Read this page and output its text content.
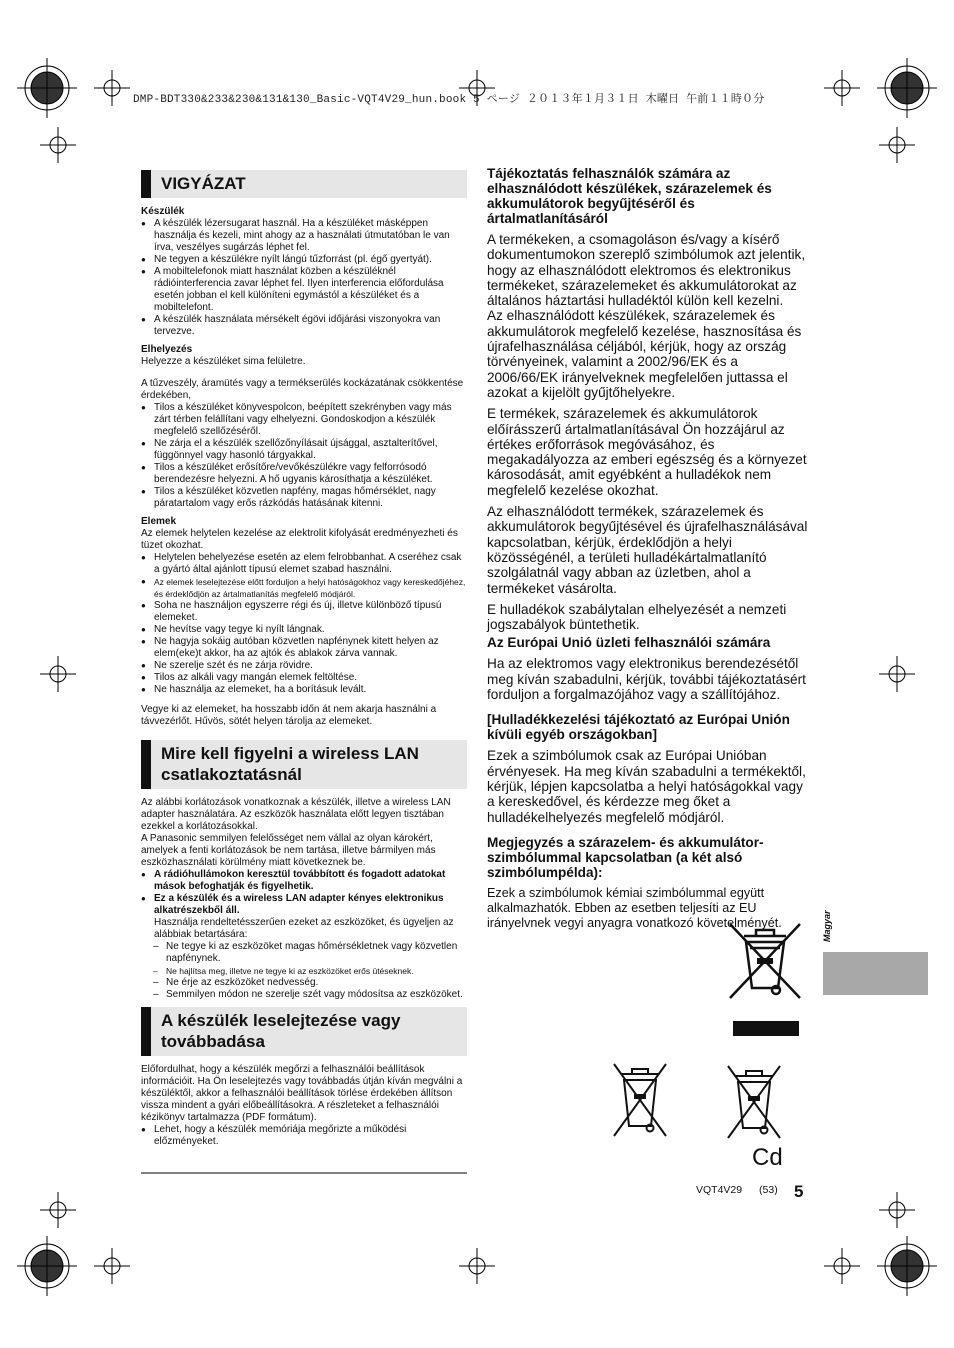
DMP-BDT330&233&230&131&130_Basic-VQT4V29_hun.book 5 ページ ２０１３年１月３１日 木曜日 午前１１時０分
VIGYÁZAT
Készülék
● A készülék lézersugarat használ. Ha a készüléket másképpen használja és kezeli, mint ahogy az a használati útmutatóban le van írva, veszélyes sugárzás léphet fel.
● Ne tegyen a készülékre nyílt lángú tűzforrást (pl. égő gyertyát).
● A mobiltelefonok miatt használat közben a készüléknél rádióinterferencia zavar léphet fel. Ilyen interferencia előfordulása esetén jobban el kell különíteni egymástól a készüléket és a mobiltelefont.
● A készülék használata mérsékelt égövi időjárási viszonyokra van tervezve.
Elhelyezés

Helyezze a készüléket sima felületre.

A tűzveszély, áramütés vagy a termékserülés kockázatának csökkentése érdekében,

● Tilos a készüléket könyvespolcon, beépített szekrényben vagy más zárt térben felállítani vagy elhelyezni. Gondoskodjon a készülék megfelelő szellőzéséről.
● Ne zárja el a készülék szellőzőnyílásait újsággal, asztalterítővel, függönnyel vagy hasonló tárgyakkal.
● Tilos a készüléket erősítőre/vevőkészülékre vagy felforrósodó berendezésre helyezni. A hő ugyanis károsíthatja a készüléket.
● Tilos a készüléket közvetlen napfény, magas hőmérséklet, nagy páratartalom vagy erős rázkódás hatásának kitenni.
Elemek

Az elemek helytelen kezelése az elektrolit kifolyását eredményezheti és tüzet okozhat.

● Helytelen behelyezése esetén az elem felrobbanhat. A cseréhez csak a gyártó által ajánlott típusú elemet szabad használni.
● Az elemek leselejtezése előtt forduljon a helyi hatóságokhoz vagy kereskedőjéhez, és érdeklődjön az ártalmatlanítás megfelelő módjáról.
● Soha ne használjon egyszerre régi és új, illetve különböző típusú elemeket.
● Ne hevítse vagy tegye ki nyílt lángnak.
● Ne hagyja sokáig autóban közvetlen napfénynek kitett helyen az elem(eke)t akkor, ha az ajtók és ablakok zárva vannak.
● Ne szerelje szét és ne zárja rövidre.
● Tilos az alkáli vagy mangán elemek feltöltése.
● Ne használja az elemeket, ha a borításuk levált.

Vegye ki az elemeket, ha hosszabb időn át nem akarja használni a távvezérlőt. Hűvös, sötét helyen tárolja az elemeket.

Mire kell figyelni a wireless LAN csatlakoztatásnál

Az alábbi korlátozások vonatkoznak a készülék, illetve a wireless LAN adapter használatára. Az eszközök használata előtt legyen tisztában ezekkel a korlátozásokkal.

A Panasonic semmilyen felelősséget nem vállal az olyan károkért, amelyek a fenti korlátozások be nem tartása, illetve bármilyen más eszközhasználati körülmény miatt következnek be.

● A rádióhullámokon keresztül továbbított és fogadott adatokat mások befoghatják és figyelhetik.
● Ez a készülék és a wireless LAN adapter kényes elektronikus alkatrészekből áll.

Használja rendeltetésszerűen ezeket az eszközöket, és ügyeljen az alábbiak betartására:

– Ne tegye ki az eszközöket magas hőmérsékletnek vagy közvetlen napfénynek.
– Ne hajlítsa meg, illetve ne tegye ki az eszközöket erős ütéseknek.
– Ne érje az eszközöket nedvesség.
– Semmilyen módon ne szerelje szét vagy módosítsa az eszközöket.
A készülék leselejtezése vagy továbbadása

Előfordulhat, hogy a készülék megőrzi a felhasználói beállítások információit. Ha Ön leselejtezés vagy továbbadás útján kíván megválni a készüléktől, akkor a felhasználói beállítások törlése érdekében állítson vissza mindent a gyári előbeállításokra. A részleteket a felhasználói kézikönyv tartalmazza (PDF formátum).

● Lehet, hogy a készülék memóriája megőrizte a működési előzményeket.

Tájékoztatás felhasználók számára az elhasználódott készülékek, szárazelemek és akkumulátorok begyűjtéséről és ártalmatlanításáról

A termékeken, a csomagoláson és/vagy a kísérő dokumentumokon szereplő szimbólumok azt jelentik, hogy az elhasználódott elektromos és elektronikus termékeket, szárazelemeket és akkumulátorokat az általános háztartási hulladéktól külön kell kezelni.

Az elhasználódott készülékek, szárazelemek és akkumulátorok megfelelő kezelése, hasznosítása és újrafelhasználása céljából, kérjük, hogy az ország törvényeinek, valamint a 2002/96/EK és a 2006/66/EK irányelveknek megfelelően juttassa el azokat a kijelölt gyűjtőhelyekre.

E termékek, szárazelemek és akkumulátorok előírásszerű ártalmatlanításával Ön hozzájárul az értékes erőforrások megóvásához, és megakadályozza az emberi egészség és a környezet károsodását, amit egyébként a hulladékok nem megfelelő kezelése okozhat.

Az elhasználódott termékek, szárazelemek és akkumulátorok begyűjtésével és újrafelhasználásával kapcsolatban, kérjük, érdeklődjön a helyi közösségénél, a területi hulladékártalmatlanító szolgálatnál vagy abban az üzletben, ahol a termékeket vásárolta.

E hulladékok szabálytalan elhelyezését a nemzeti jogszabályok büntethetik.

Az Európai Unió üzleti felhasználói számára

Ha az elektromos vagy elektronikus berendezésétől meg kíván szabadulni, kérjük, további tájékoztatásért forduljon a forgalmazójához vagy a szállítójához.

[Hulladékkezelési tájékoztató az Európai Unión kívüli egyéb országokban]

Ezek a szimbólumok csak az Európai Unióban érvényesek. Ha meg kíván szabadulni a termékektől, kérjük, lépjen kapcsolatba a helyi hatóságokkal vagy a kereskedővel, és kérdezze meg őket a hulladékelhelyezés megfelelő módjáról.

Megjegyzés a szárazelem- és akkumulátor-szimbólummal kapcsolatban (a két alsó szimbólumpélda):

Ezek a szimbólumok kémiai szimbólummal együtt alkalmazhatók. Ebben az esetben teljesíti az EU irányelvnek vegyi anyagra vonatkozó követelményét.

Cd
Magyar
VQT4V29 (53) 5
